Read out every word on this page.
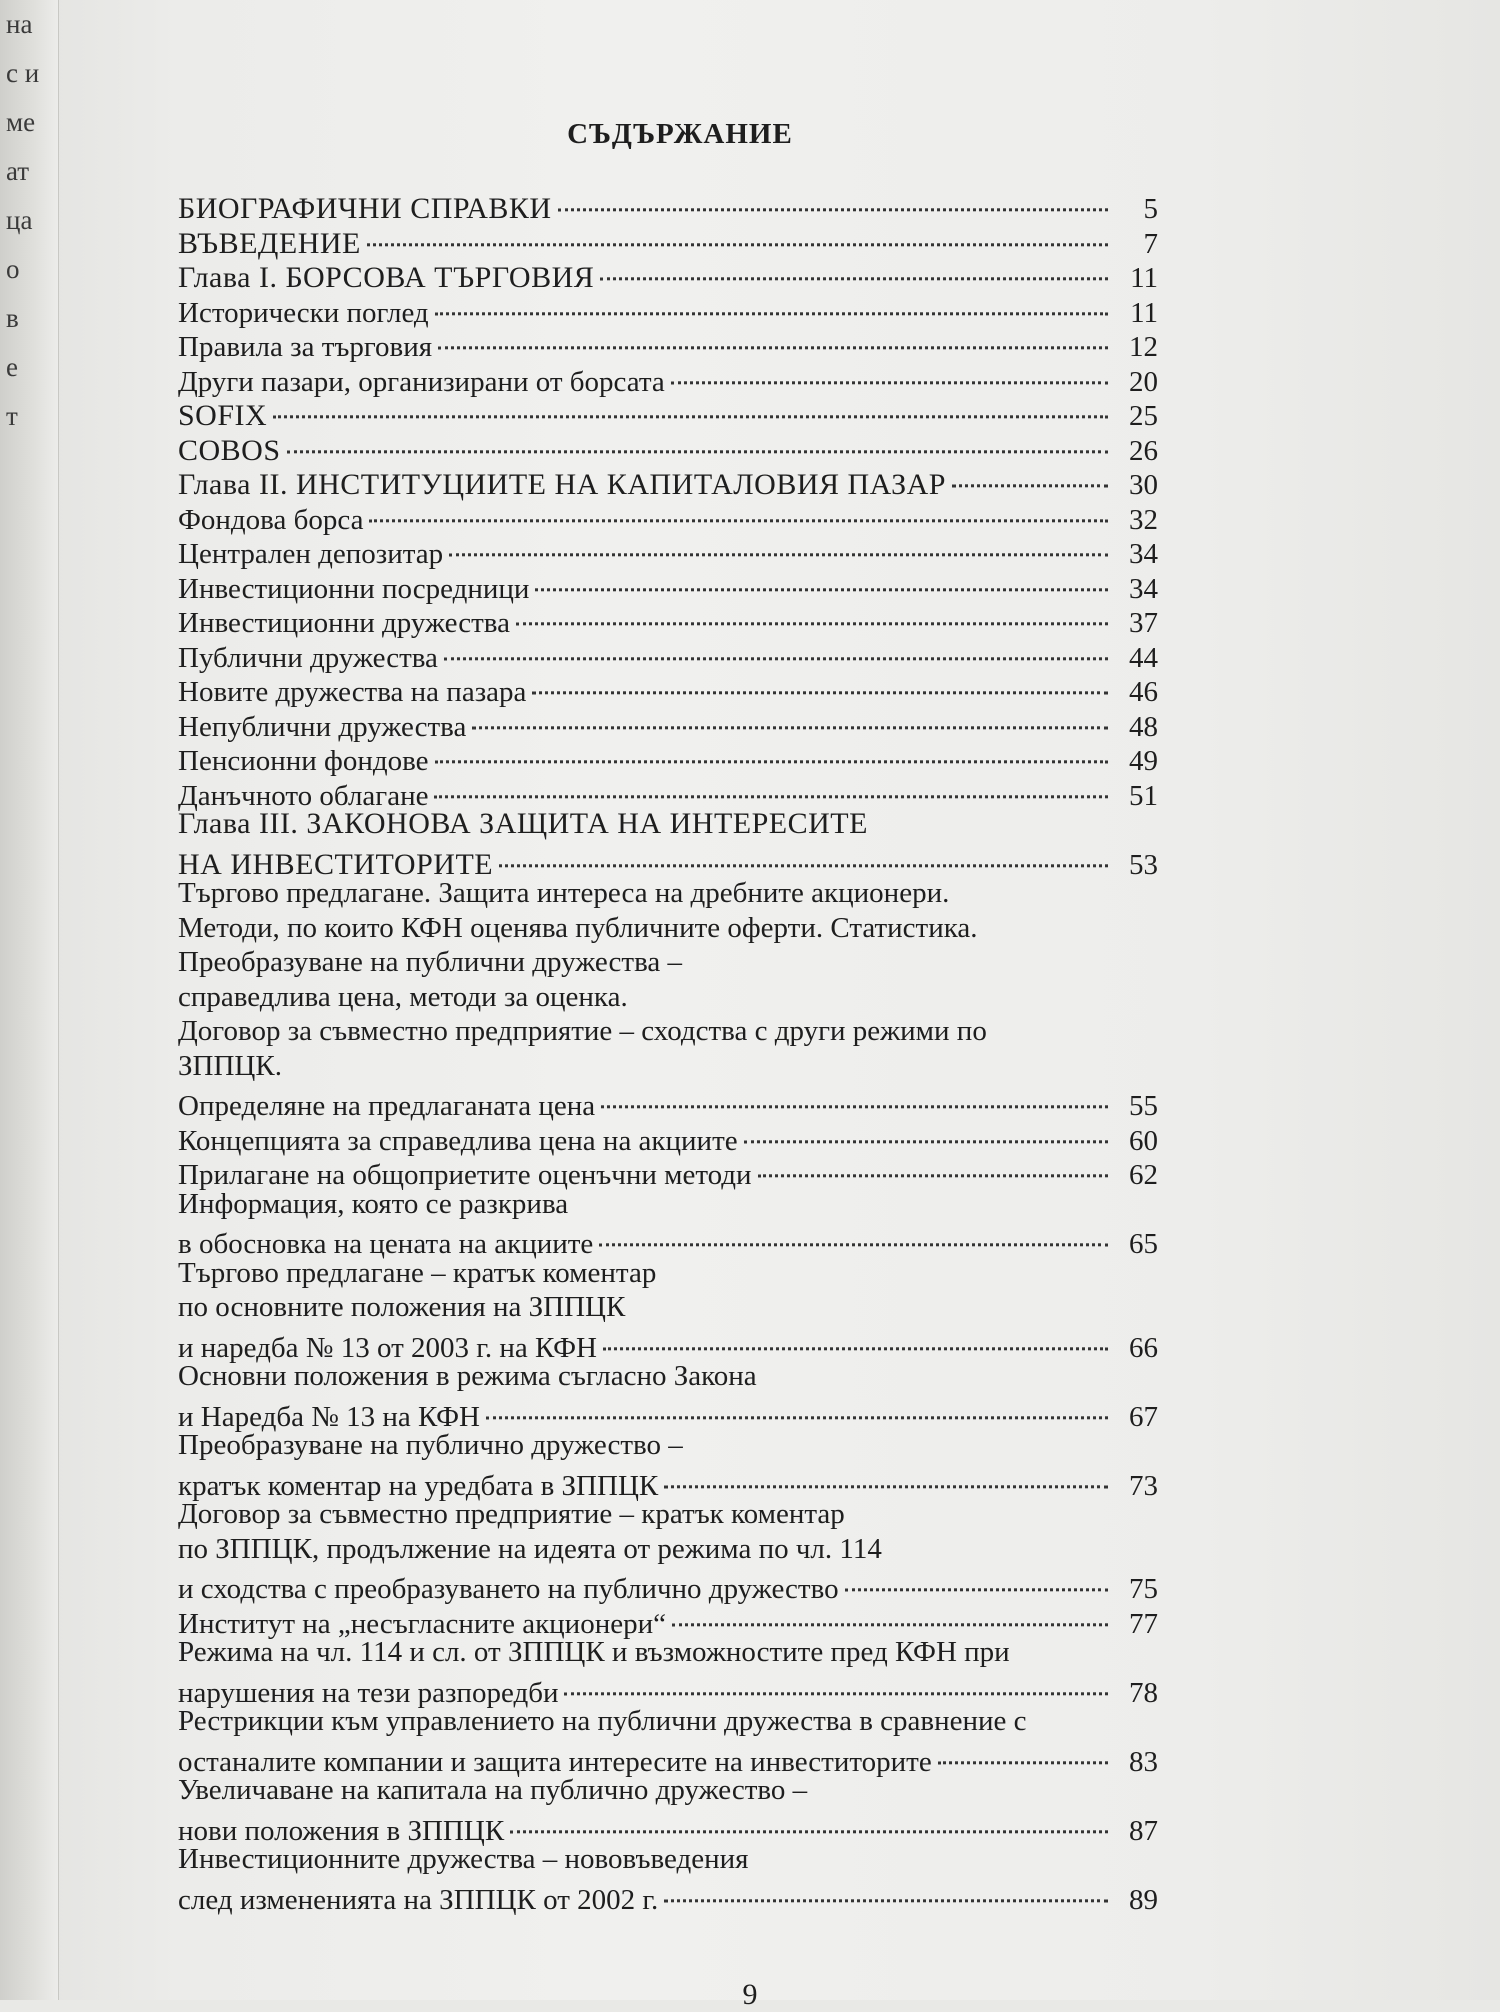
на
с и
ме
ат
ца
о
в
е
т
СЪДЪРЖАНИЕ
БИОГРАФИЧНИ СПРАВКИ	5
ВЪВЕДЕНИЕ	7
Глава I. БОРСОВА ТЪРГОВИЯ	11
Исторически поглед	11
Правила за търговия	12
Други пазари, организирани от борсата	20
SOFIX	25
COBOS	26
Глава II. ИНСТИТУЦИИТЕ НА КАПИТАЛОВИЯ ПАЗАР	30
Фондова борса	32
Централен депозитар	34
Инвестиционни посредници	34
Инвестиционни дружества	37
Публични дружества	44
Новите дружества на пазара	46
Непублични дружества	48
Пенсионни фондове	49
Данъчното облагане	51
Глава III. ЗАКОНОВА ЗАЩИТА НА ИНТЕРЕСИТЕ
НА ИНВЕСТИТОРИТЕ	53
Търгово предлагане. Защита интереса на дребните акционери.
Методи, по които КФН оценява публичните оферти. Статистика.
Преобразуване на публични дружества –
справедлива цена, методи за оценка.
Договор за съвместно предприятие – сходства с други режими по
ЗППЦК.
Определяне на предлаганата цена	55
Концепцията за справедлива цена на акциите	60
Прилагане на общоприетите оценъчни методи	62
Информация, която се разкрива
в обосновка на цената на акциите	65
Търгово предлагане – кратък коментар
по основните положения на ЗППЦК
и наредба № 13 от 2003 г. на КФН	66
Основни положения в режима съгласно Закона
и Наредба № 13 на КФН	67
Преобразуване на публично дружество –
кратък коментар на уредбата в ЗППЦК	73
Договор за съвместно предприятие – кратък коментар
по ЗППЦК, продължение на идеята от режима по чл. 114
и сходства с преобразуването на публично дружество	75
Институт на „несъгласните акционери“	77
Режима на чл. 114 и сл. от ЗППЦК и възможностите пред КФН при
нарушения на тези разпоредби	78
Рестрикции към управлението на публични дружества в сравнение с
останалите компании и защита интересите на инвеститорите	83
Увеличаване на капитала на публично дружество –
нови положения в ЗППЦК	87
Инвестиционните дружества – нововъведения
след измененията на ЗППЦК от 2002 г.	89
9
